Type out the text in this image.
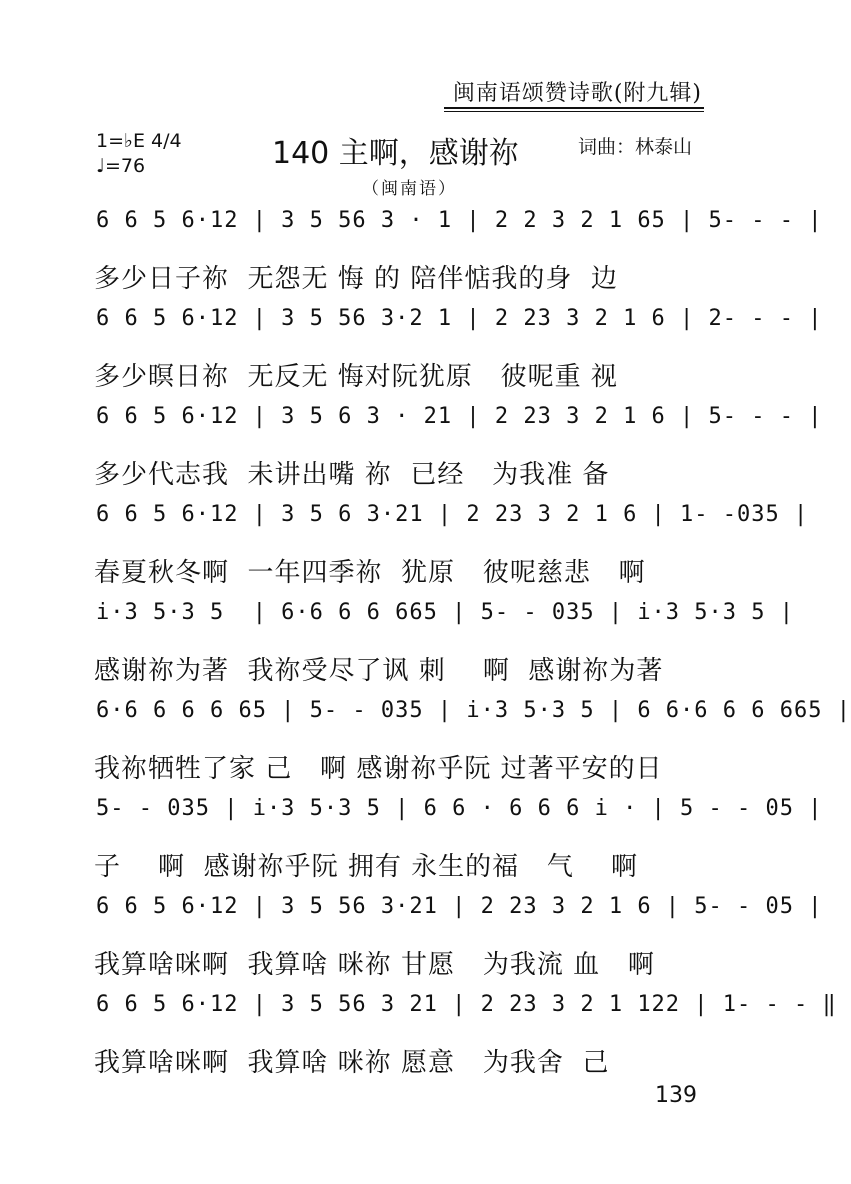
闽南语颂赞诗歌(附九辑)
1=♭E 4/4
♩=76	140 主啊，感谢祢	词曲：林泰山
（闽南语）
6 6 5 6·12 | 3 5 56 3 · 1 | 2 2 3 2 1 65 | 5- - - |
多少日子祢  无怨无 悔 的 陪伴惦我的身  边
6 6 5 6·12 | 3 5 56 3·2 1 | 2 23 3 2 1 6 | 2- - - |
多少暝日祢  无反无 悔对阮犹原   彼呢重 视
6 6 5 6·12 | 3 5 6 3 · 21 | 2 23 3 2 1 6 | 5- - - |
多少代志我  未讲出嘴 祢  已经   为我准 备
6 6 5 6·12 | 3 5 6 3·21 | 2 23 3 2 1 6 | 1- -035 |
春夏秋冬啊  一年四季祢  犹原   彼呢慈悲   啊
i·3 5·3 5  | 6·6 6 6 665 | 5- - 035 | i·3 5·3 5 |
感谢祢为著  我祢受尽了讽 刺    啊  感谢祢为著
6·6 6 6 6 65 | 5- - 035 | i·3 5·3 5 | 6 6·6 6 6 665 |
我祢牺牲了家 己   啊 感谢祢乎阮 过著平安的日
5- - 035 | i·3 5·3 5 | 6 6 · 6 6 6 i · | 5 - - 05 |
子    啊  感谢祢乎阮 拥有 永生的福   气    啊
6 6 5 6·12 | 3 5 56 3·21 | 2 23 3 2 1 6 | 5- - 05 |
我算啥咪啊  我算啥 咪祢 甘愿   为我流 血   啊
6 6 5 6·12 | 3 5 56 3 21 | 2 23 3 2 1 122 | 1- - - ‖
我算啥咪啊  我算啥 咪祢 愿意   为我舍  己
139
